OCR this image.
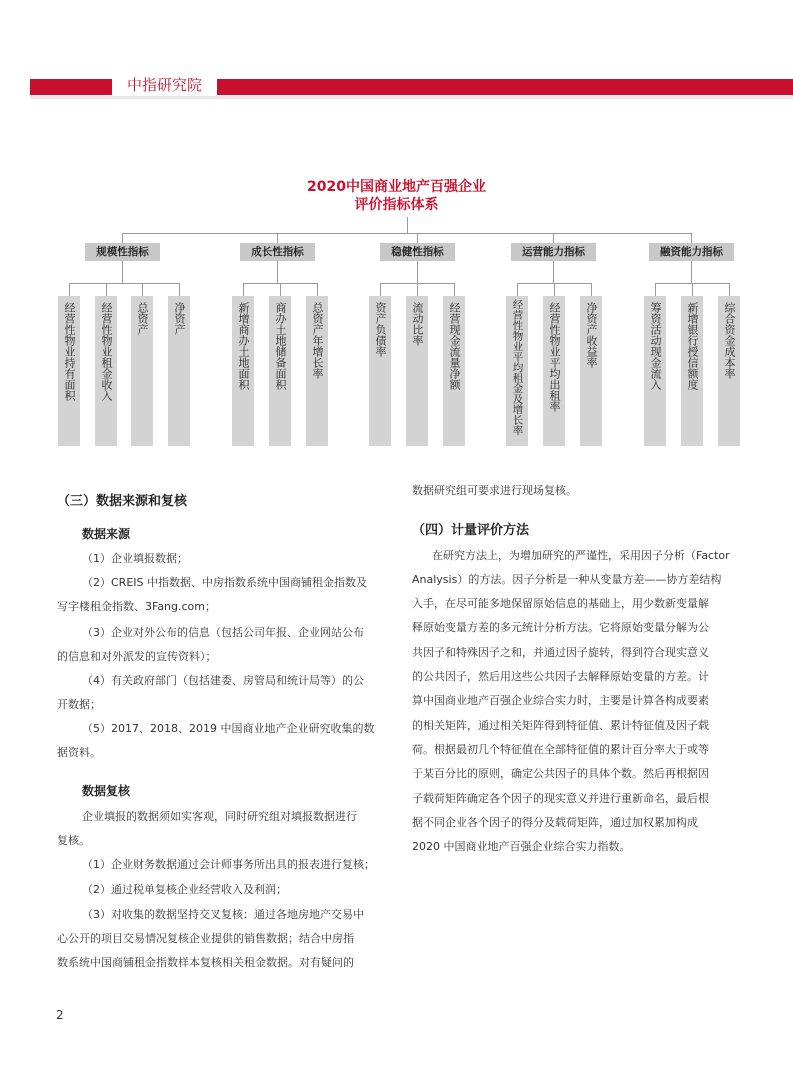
中指研究院
2020中国商业地产百强企业
评价指标体系
规模性指标	成长性指标	稳健性指标	运营能力指标	融资能力指标
经营性物业持有面积 经营性物业租金收入 总资产 净资产	新增商办土地面积 商办土地储备面积 总资产年增长率	资产负债率 流动比率 经营现金流量净额	经营性物业平均租金及增长率 经营性物业平均出租率 净资产收益率	筹资活动现金流入 新增银行授信额度 综合资金成本率
（三）数据来源和复核
数据来源
（1）企业填报数据；
（2）CREIS 中指数据、中房指数系统中国商铺租金指数及
写字楼租金指数、3Fang.com；
（3）企业对外公布的信息（包括公司年报、企业网站公布
的信息和对外派发的宣传资料）；
（4）有关政府部门（包括建委、房管局和统计局等）的公
开数据；
（5）2017、2018、2019 中国商业地产企业研究收集的数
据资料。
数据复核
企业填报的数据须如实客观，同时研究组对填报数据进行
复核。
（1）企业财务数据通过会计师事务所出具的报表进行复核；
（2）通过税单复核企业经营收入及利润；
（3）对收集的数据坚持交叉复核：通过各地房地产交易中
心公开的项目交易情况复核企业提供的销售数据；结合中房指
数系统中国商铺租金指数样本复核相关租金数据。对有疑问的
数据研究组可要求进行现场复核。
（四）计量评价方法
在研究方法上，为增加研究的严谨性，采用因子分析（Factor
Analysis）的方法。因子分析是一种从变量方差——协方差结构
入手，在尽可能多地保留原始信息的基础上，用少数新变量解
释原始变量方差的多元统计分析方法。它将原始变量分解为公
共因子和特殊因子之和，并通过因子旋转，得到符合现实意义
的公共因子，然后用这些公共因子去解释原始变量的方差。计
算中国商业地产百强企业综合实力时，主要是计算各构成要素
的相关矩阵，通过相关矩阵得到特征值、累计特征值及因子载
荷。根据最初几个特征值在全部特征值的累计百分率大于或等
于某百分比的原则，确定公共因子的具体个数。然后再根据因
子载荷矩阵确定各个因子的现实意义并进行重新命名，最后根
据不同企业各个因子的得分及载荷矩阵，通过加权累加构成
2020 中国商业地产百强企业综合实力指数。
2
